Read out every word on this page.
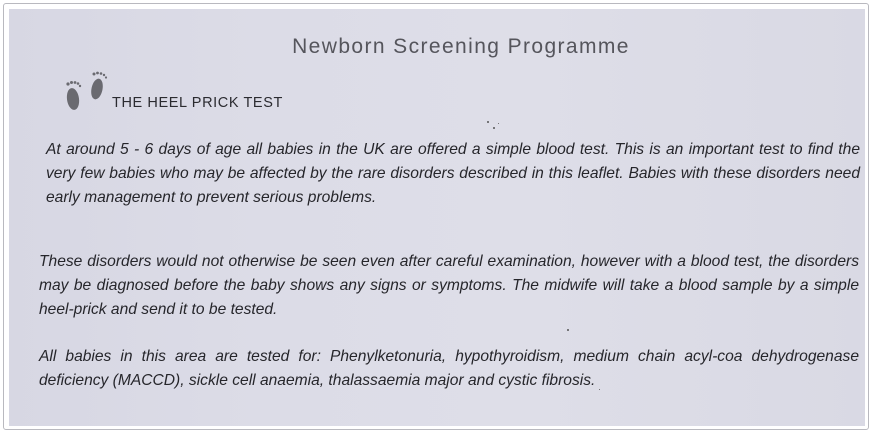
Newborn Screening Programme
THE HEEL PRICK TEST

At around 5 - 6 days of age all babies in the UK are offered a simple blood test. This is an important test to find the very few babies who may be affected by the rare disorders described in this leaflet. Babies with these disorders need early management to prevent serious problems.

These disorders would not otherwise be seen even after careful examination, however with a blood test, the disorders may be diagnosed before the baby shows any signs or symptoms. The midwife will take a blood sample by a simple heel-prick and send it to be tested.

All babies in this area are tested for: Phenylketonuria, hypothyroidism, medium chain acyl-coa dehydrogenase deficiency (MACCD), sickle cell anaemia, thalassaemia major and cystic fibrosis.
